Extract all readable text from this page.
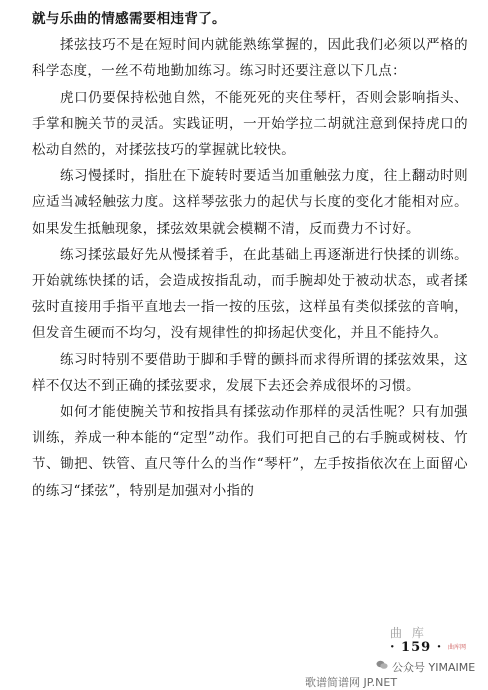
就与乐曲的情感需要相违背了。

揉弦技巧不是在短时间内就能熟练掌握的，因此我们必须以严格的科学态度，一丝不苟地勤加练习。练习时还要注意以下几点：

虎口仍要保持松弛自然，不能死死的夹住琴杆，否则会影响指头、手掌和腕关节的灵活。实践证明，一开始学拉二胡就注意到保持虎口的松动自然的，对揉弦技巧的掌握就比较快。

练习慢揉时，指肚在下旋转时要适当加重触弦力度，往上翻动时则应适当减轻触弦力度。这样琴弦张力的起伏与长度的变化才能相对应。如果发生抵触现象，揉弦效果就会模糊不清，反而费力不讨好。

练习揉弦最好先从慢揉着手，在此基础上再逐渐进行快揉的训练。开始就练快揉的话，会造成按指乱动，而手腕却处于被动状态，或者揉弦时直接用手指平直地去一指一按的压弦，这样虽有类似揉弦的音响，但发音生硬而不均匀，没有规律性的抑扬起伏变化，并且不能持久。

练习时特别不要借助于脚和手臂的颤抖而求得所谓的揉弦效果，这样不仅达不到正确的揉弦要求，发展下去还会养成很坏的习惯。

如何才能使腕关节和按指具有揉弦动作那样的灵活性呢？只有加强训练，养成一种本能的“定型”动作。我们可把自己的右手腕或树枝、竹节、锄把、铁管、直尺等什么的当作“琴杆”，左手按指依次在上面留心的练习“揉弦”，特别是加强对小指的

曲 库
曲库网
· 159 ·
公众号 YIMAIME
歌谱简谱网 JP.NET
